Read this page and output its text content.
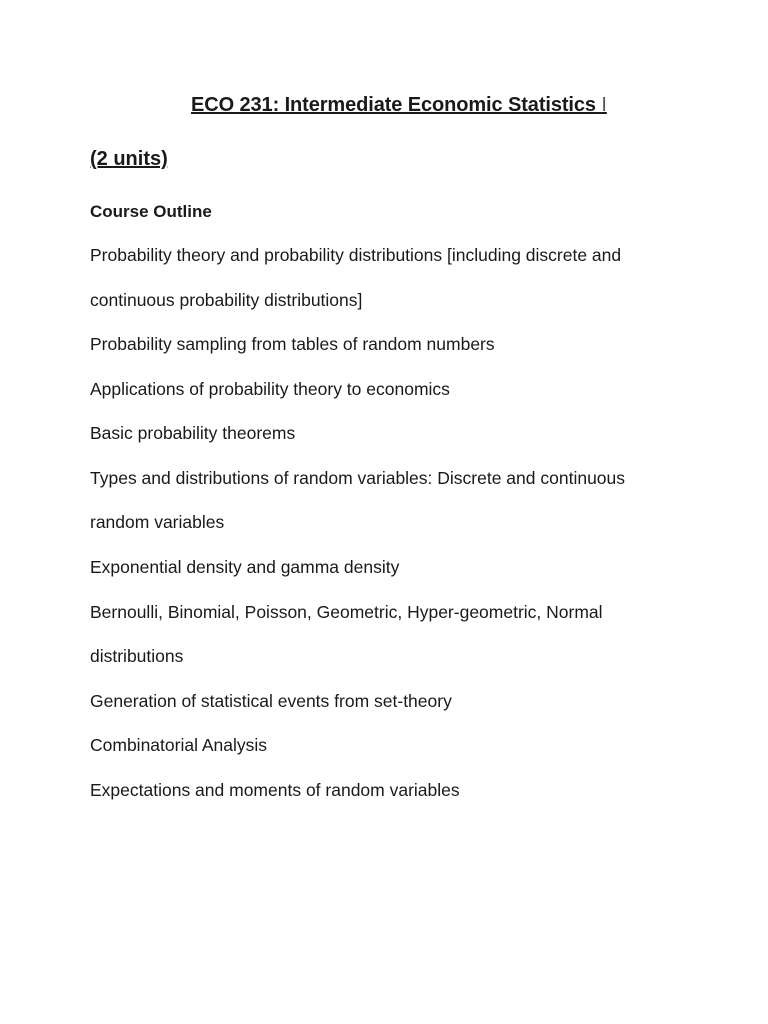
ECO 231: Intermediate Economic Statistics I
(2 units)
Course Outline
Probability theory and probability distributions [including discrete and
continuous probability distributions]
Probability sampling from tables of random numbers
Applications of probability theory to economics
Basic probability theorems
Types and distributions of random variables: Discrete and continuous
random variables
Exponential density and gamma density
Bernoulli, Binomial, Poisson, Geometric, Hyper-geometric, Normal
distributions
Generation of statistical events from set-theory
Combinatorial Analysis
Expectations and moments of random variables
